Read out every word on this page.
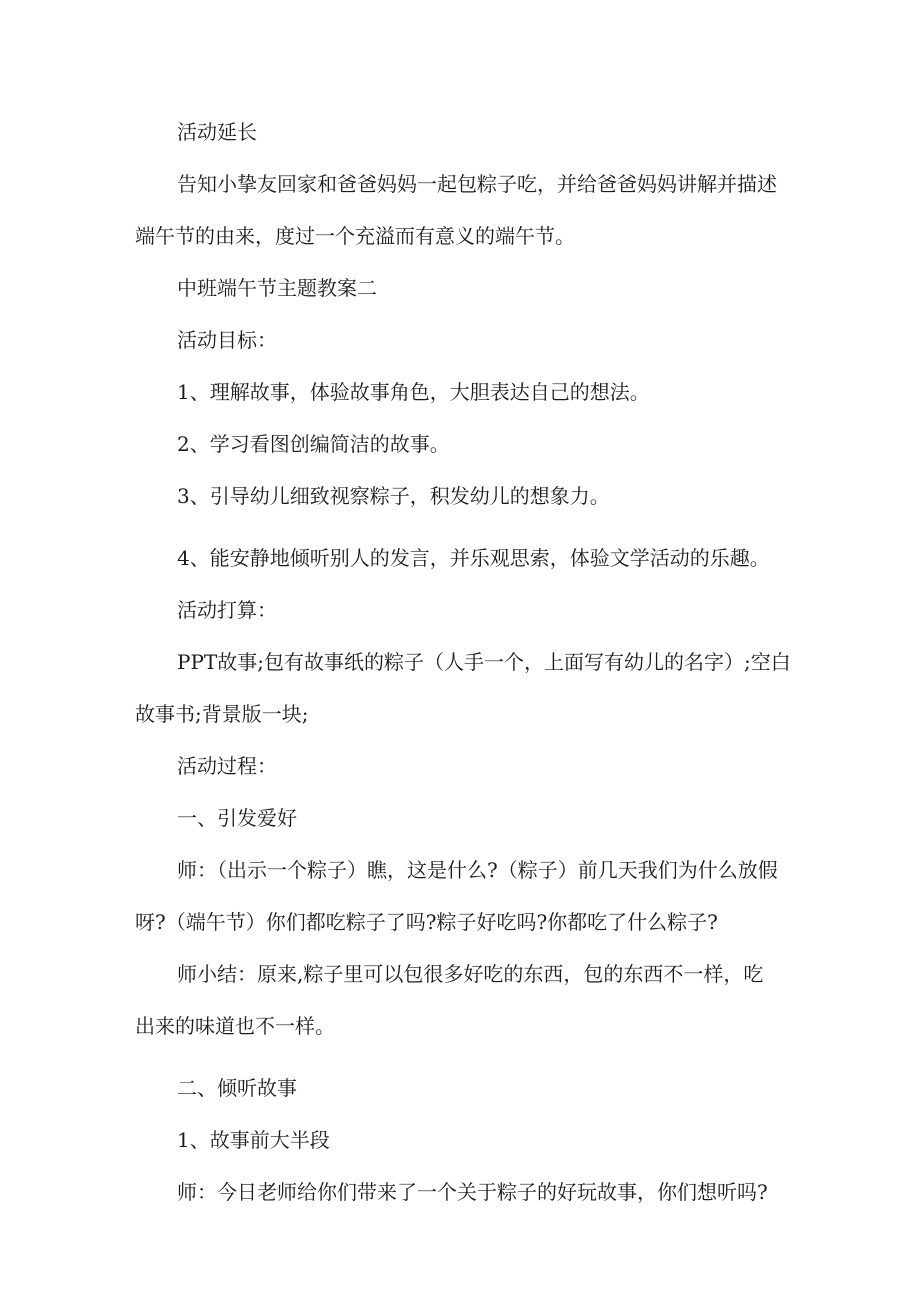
活动延长
告知小挚友回家和爸爸妈妈一起包粽子吃，并给爸爸妈妈讲解并描述
端午节的由来，度过一个充溢而有意义的端午节。
中班端午节主题教案二
活动目标：
1、理解故事，体验故事角色，大胆表达自己的想法。
2、学习看图创编简洁的故事。
3、引导幼儿细致视察粽子，积发幼儿的想象力。
4、能安静地倾听别人的发言，并乐观思索，体验文学活动的乐趣。
活动打算：
PPT故事;包有故事纸的粽子（人手一个，上面写有幼儿的名字）;空白
故事书;背景版一块;
活动过程：
一、引发爱好
师：（出示一个粽子）瞧，这是什么?（粽子）前几天我们为什么放假
呀?（端午节）你们都吃粽子了吗?粽子好吃吗?你都吃了什么粽子?
师小结：原来,粽子里可以包很多好吃的东西，包的东西不一样，吃
出来的味道也不一样。
二、倾听故事
1、故事前大半段
师：今日老师给你们带来了一个关于粽子的好玩故事，你们想听吗?
